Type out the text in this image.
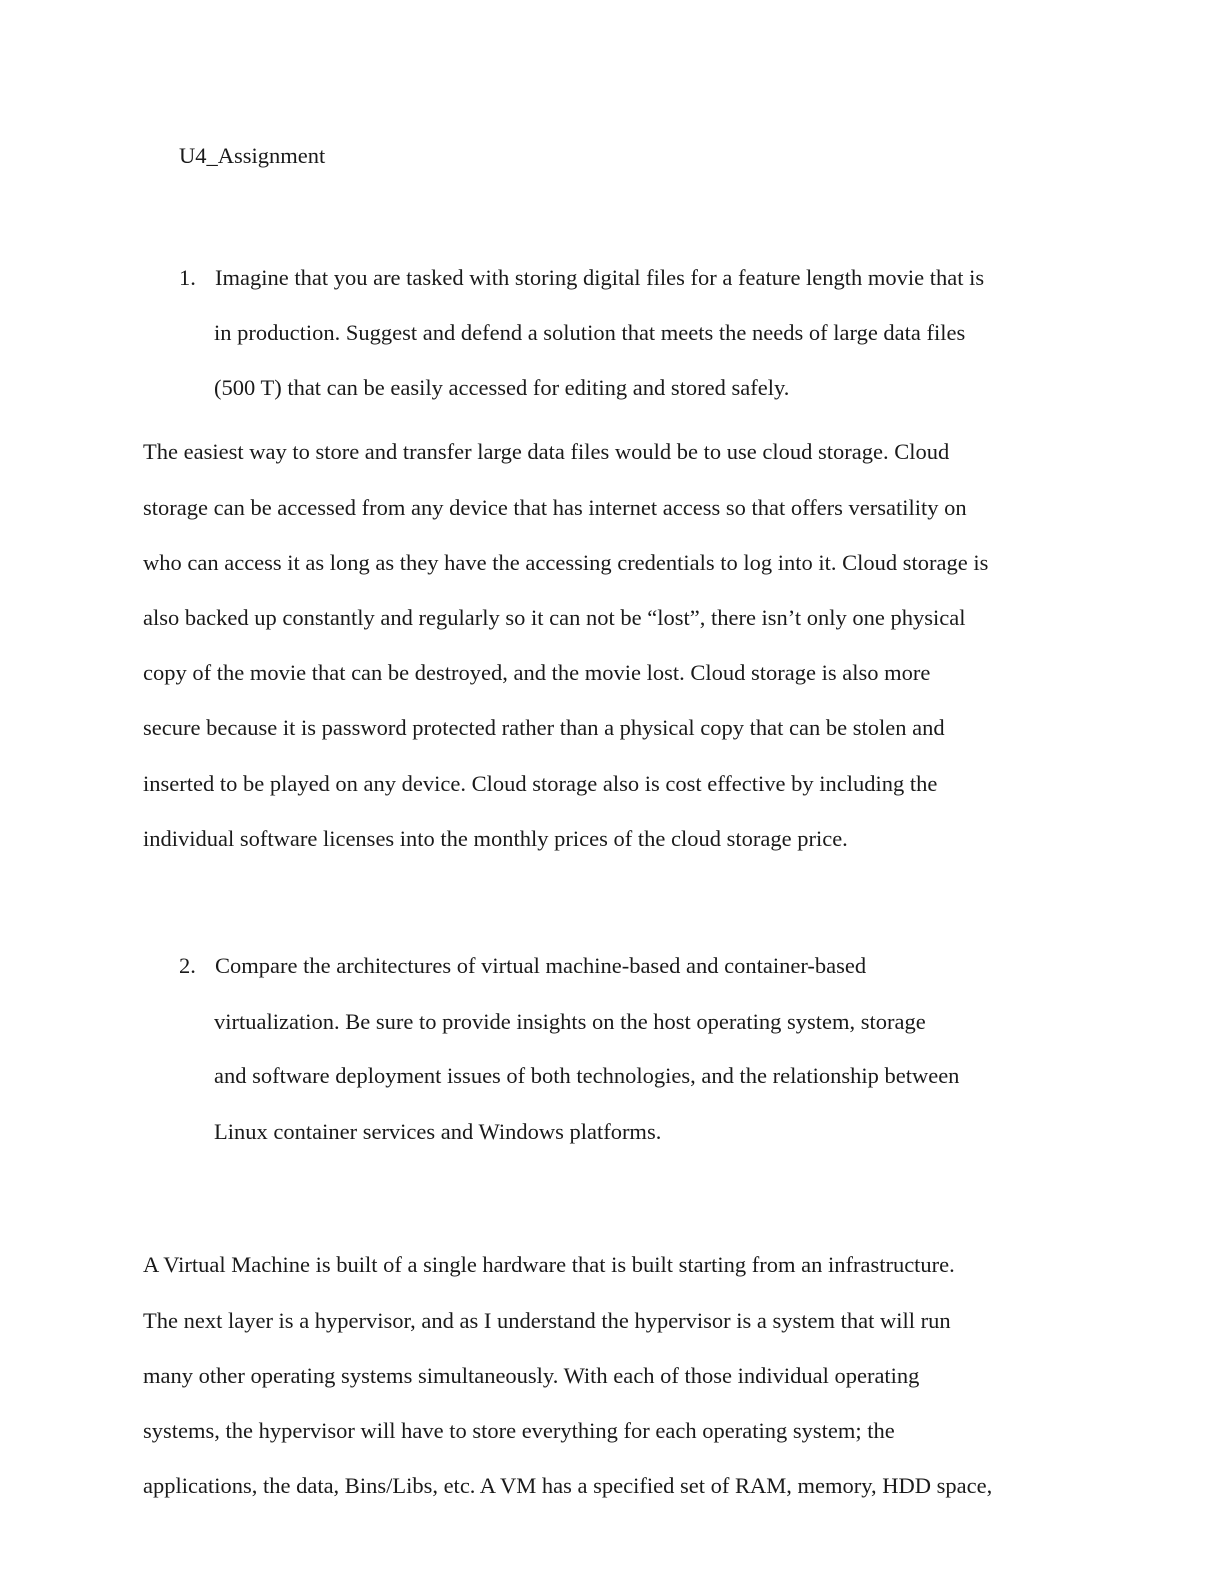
U4_Assignment
1. Imagine that you are tasked with storing digital files for a feature length movie that is
in production. Suggest and defend a solution that meets the needs of large data files
(500 T) that can be easily accessed for editing and stored safely.
The easiest way to store and transfer large data files would be to use cloud storage. Cloud
storage can be accessed from any device that has internet access so that offers versatility on
who can access it as long as they have the accessing credentials to log into it. Cloud storage is
also backed up constantly and regularly so it can not be “lost”, there isn’t only one physical
copy of the movie that can be destroyed, and the movie lost. Cloud storage is also more
secure because it is password protected rather than a physical copy that can be stolen and
inserted to be played on any device. Cloud storage also is cost effective by including the
individual software licenses into the monthly prices of the cloud storage price.
2. Compare the architectures of virtual machine-based and container-based
virtualization. Be sure to provide insights on the host operating system, storage
and software deployment issues of both technologies, and the relationship between
Linux container services and Windows platforms.
A Virtual Machine is built of a single hardware that is built starting from an infrastructure.
The next layer is a hypervisor, and as I understand the hypervisor is a system that will run
many other operating systems simultaneously. With each of those individual operating
systems, the hypervisor will have to store everything for each operating system; the
applications, the data, Bins/Libs, etc. A VM has a specified set of RAM, memory, HDD space,
